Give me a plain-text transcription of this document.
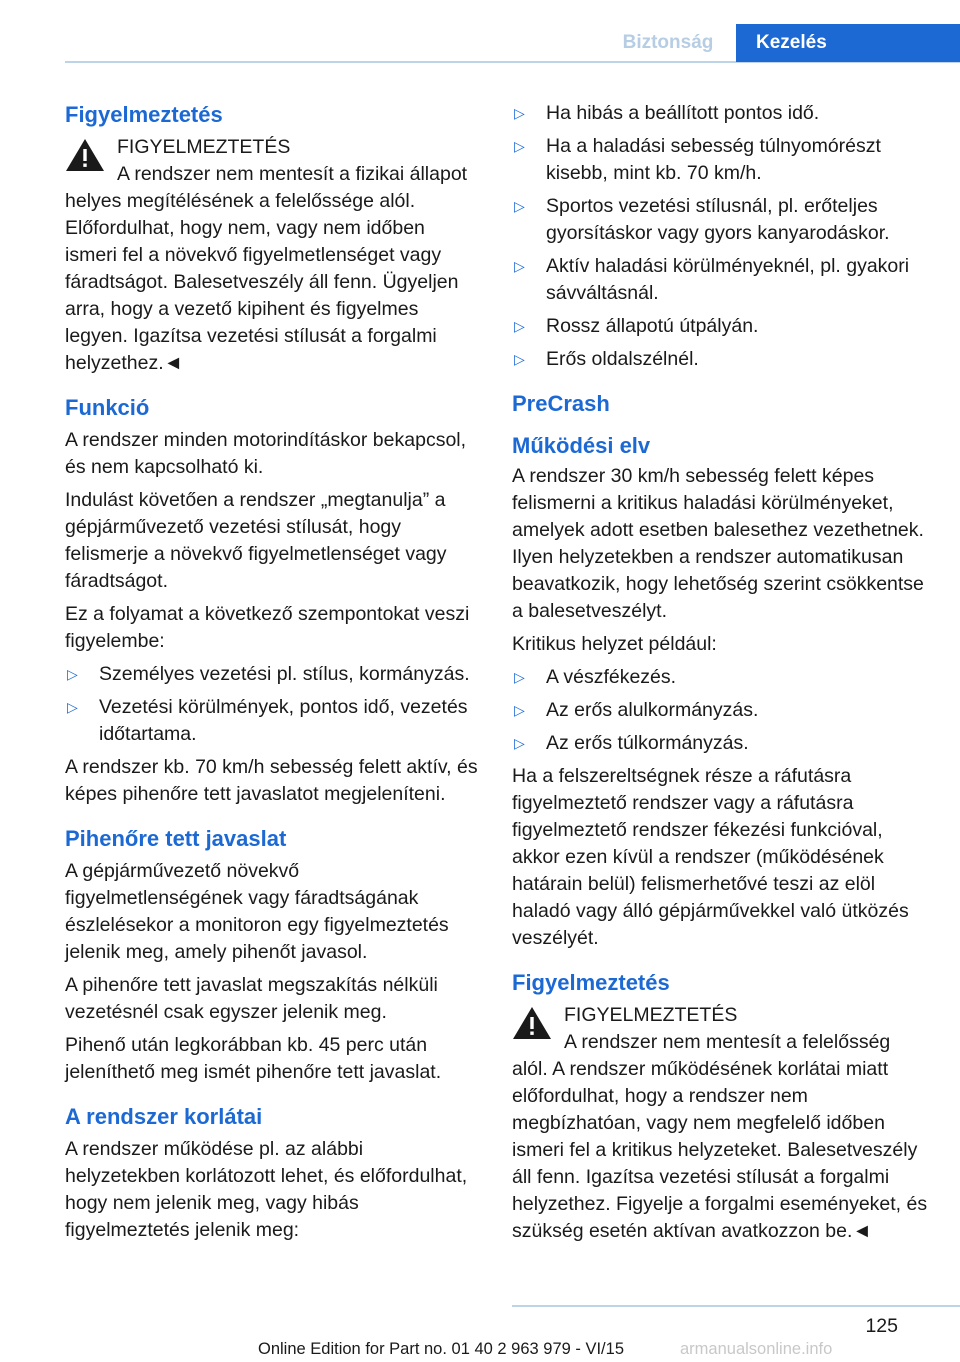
Biztonság	Kezelés
Figyelmeztetés
FIGYELMEZTETÉS
A rendszer nem mentesít a fizikai állapot helyes megítélésének a felelőssége alól. Előfordulhat, hogy nem, vagy nem időben ismeri fel a növekvő figyelmetlenséget vagy fáradtságot. Balesetveszély áll fenn. Ügyeljen arra, hogy a vezető kipihent és figyelmes legyen. Igazítsa vezetési stílusát a forgalmi helyzethez.◄
Funkció

A rendszer minden motorindításkor bekapcsol, és nem kapcsolható ki.

Indulást követően a rendszer „megtanulja” a gépjárművezető vezetési stílusát, hogy felismerje a növekvő figyelmetlenséget vagy fáradtságot.

Ez a folyamat a következő szempontokat veszi figyelembe:

▷ Személyes vezetési pl. stílus, kormányzás.
▷ Vezetési körülmények, pontos idő, vezetés időtartama.

A rendszer kb. 70 km/h sebesség felett aktív, és képes pihenőre tett javaslatot megjeleníteni.

Pihenőre tett javaslat

A gépjárművezető növekvő figyelmetlenségének vagy fáradtságának észlelésekor a monitoron egy figyelmeztetés jelenik meg, amely pihenőt javasol.

A pihenőre tett javaslat megszakítás nélküli vezetésnél csak egyszer jelenik meg.

Pihenő után legkorábban kb. 45 perc után jeleníthető meg ismét pihenőre tett javaslat.

A rendszer korlátai

A rendszer működése pl. az alábbi helyzetekben korlátozott lehet, és előfordulhat, hogy nem jelenik meg, vagy hibás figyelmeztetés jelenik meg:

▷ Ha hibás a beállított pontos idő.
▷ Ha a haladási sebesség túlnyomórészt kisebb, mint kb. 70 km/h.
▷ Sportos vezetési stílusnál, pl. erőteljes gyorsításkor vagy gyors kanyarodáskor.
▷ Aktív haladási körülményeknél, pl. gyakori sávváltásnál.
▷ Rossz állapotú útpályán.
▷ Erős oldalszélnél.
PreCrash
Működési elv

A rendszer 30 km/h sebesség felett képes felismerni a kritikus haladási körülményeket, amelyek adott esetben balesethez vezethetnek. Ilyen helyzetekben a rendszer automatikusan beavatkozik, hogy lehetőség szerint csökkentse a balesetveszélyt.

Kritikus helyzet például:

▷ A vészfékezés.
▷ Az erős alulkormányzás.
▷ Az erős túlkormányzás.

Ha a felszereltségnek része a ráfutásra figyelmeztető rendszer vagy a ráfutásra figyelmeztető rendszer fékezési funkcióval, akkor ezen kívül a rendszer (működésének határain belül) felismerhetővé teszi az elöl haladó vagy álló gépjárművekkel való ütközés veszélyét.

Figyelmeztetés
FIGYELMEZTETÉS
A rendszer nem mentesít a felelősség alól. A rendszer működésének korlátai miatt előfordulhat, hogy a rendszer nem megbízhatóan, vagy nem megfelelő időben ismeri fel a kritikus helyzeteket. Balesetveszély áll fenn. Igazítsa vezetési stílusát a forgalmi helyzethez. Figyelje a forgalmi eseményeket, és szükség esetén aktívan avatkozzon be.◄
125
Online Edition for Part no. 01 40 2 963 979 - VI/15	armanualsonline.info
